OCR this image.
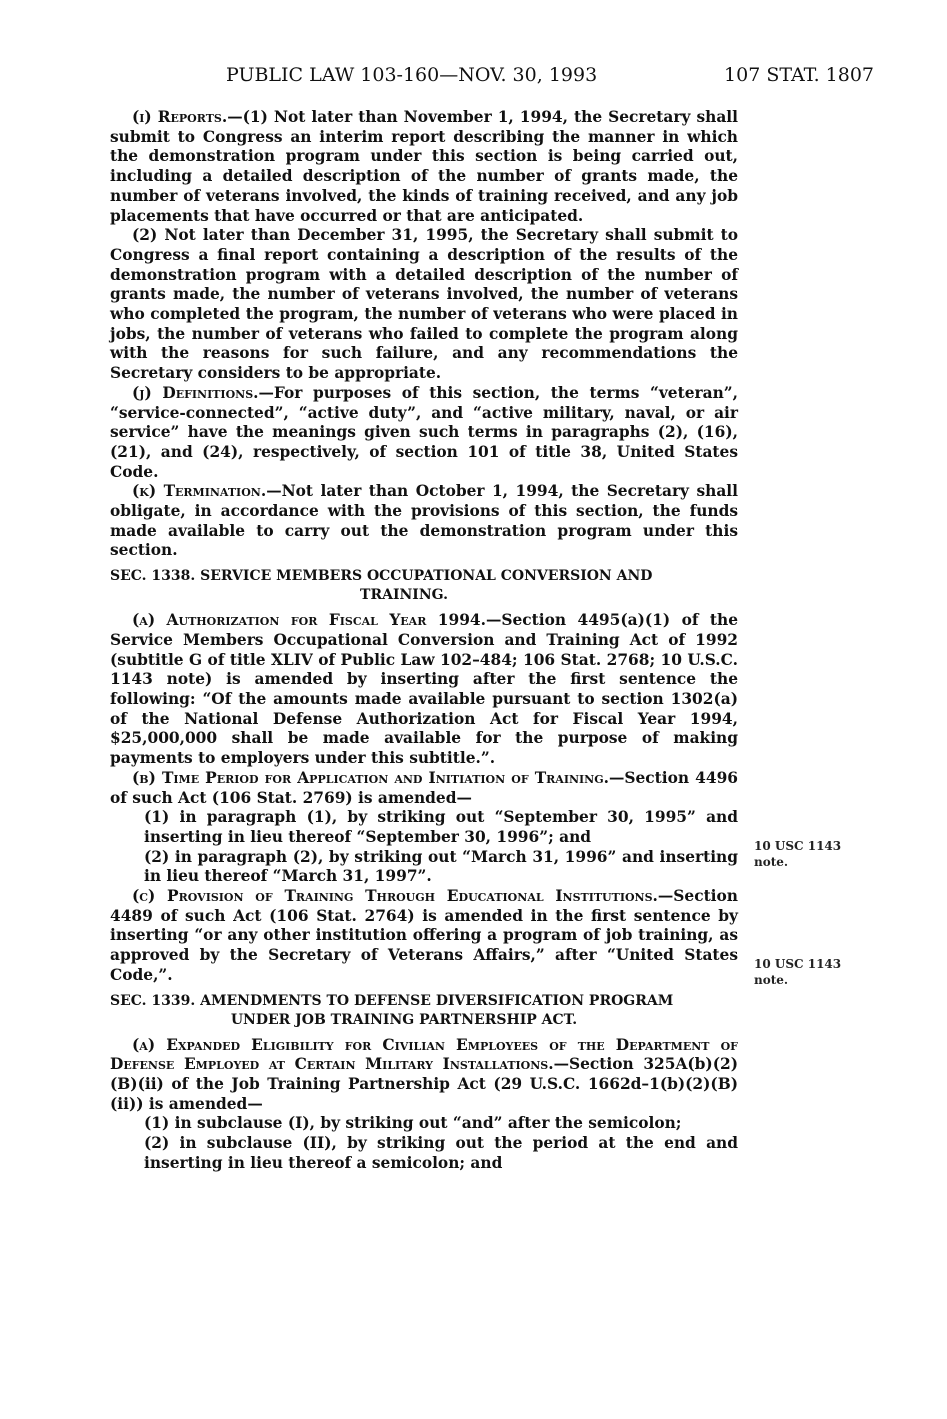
PUBLIC LAW 103-160—NOV. 30, 1993	107 STAT. 1807

(i) Reports.—(1) Not later than November 1, 1994, the Secretary shall submit to Congress an interim report describing the manner in which the demonstration program under this section is being carried out, including a detailed description of the number of grants made, the number of veterans involved, the kinds of training received, and any job placements that have occurred or that are anticipated.

(2) Not later than December 31, 1995, the Secretary shall submit to Congress a final report containing a description of the results of the demonstration program with a detailed description of the number of grants made, the number of veterans involved, the number of veterans who completed the program, the number of veterans who were placed in jobs, the number of veterans who failed to complete the program along with the reasons for such failure, and any recommendations the Secretary considers to be appropriate.

(j) Definitions.—For purposes of this section, the terms “veteran”, “service-connected”, “active duty”, and “active military, naval, or air service” have the meanings given such terms in paragraphs (2), (16), (21), and (24), respectively, of section 101 of title 38, United States Code.

(k) Termination.—Not later than October 1, 1994, the Secretary shall obligate, in accordance with the provisions of this section, the funds made available to carry out the demonstration program under this section.

SEC. 1338. SERVICE MEMBERS OCCUPATIONAL CONVERSION AND
TRAINING.

(a) Authorization for Fiscal Year 1994.—Section 4495(a)(1) of the Service Members Occupational Conversion and Training Act of 1992 (subtitle G of title XLIV of Public Law 102–484; 106 Stat. 2768; 10 U.S.C. 1143 note) is amended by inserting after the first sentence the following: “Of the amounts made available pursuant to section 1302(a) of the National Defense Authorization Act for Fiscal Year 1994, $25,000,000 shall be made available for the purpose of making payments to employers under this subtitle.”.

(b) Time Period for Application and Initiation of Training.—Section 4496 of such Act (106 Stat. 2769) is amended—

(1) in paragraph (1), by striking out “September 30, 1995” and inserting in lieu thereof “September 30, 1996”; and

(2) in paragraph (2), by striking out “March 31, 1996” and inserting in lieu thereof “March 31, 1997”.

(c) Provision of Training Through Educational Institutions.—Section 4489 of such Act (106 Stat. 2764) is amended in the first sentence by inserting “or any other institution offering a program of job training, as approved by the Secretary of Veterans Affairs,” after “United States Code,”.

SEC. 1339. AMENDMENTS TO DEFENSE DIVERSIFICATION PROGRAM
UNDER JOB TRAINING PARTNERSHIP ACT.

(a) Expanded Eligibility for Civilian Employees of the Department of Defense Employed at Certain Military Installations.—Section 325A(b)(2)(B)(ii) of the Job Training Partnership Act (29 U.S.C. 1662d–1(b)(2)(B)(ii)) is amended—

(1) in subclause (I), by striking out “and” after the semicolon;

(2) in subclause (II), by striking out the period at the end and inserting in lieu thereof a semicolon; and

10 USC 1143
note.
10 USC 1143
note.
